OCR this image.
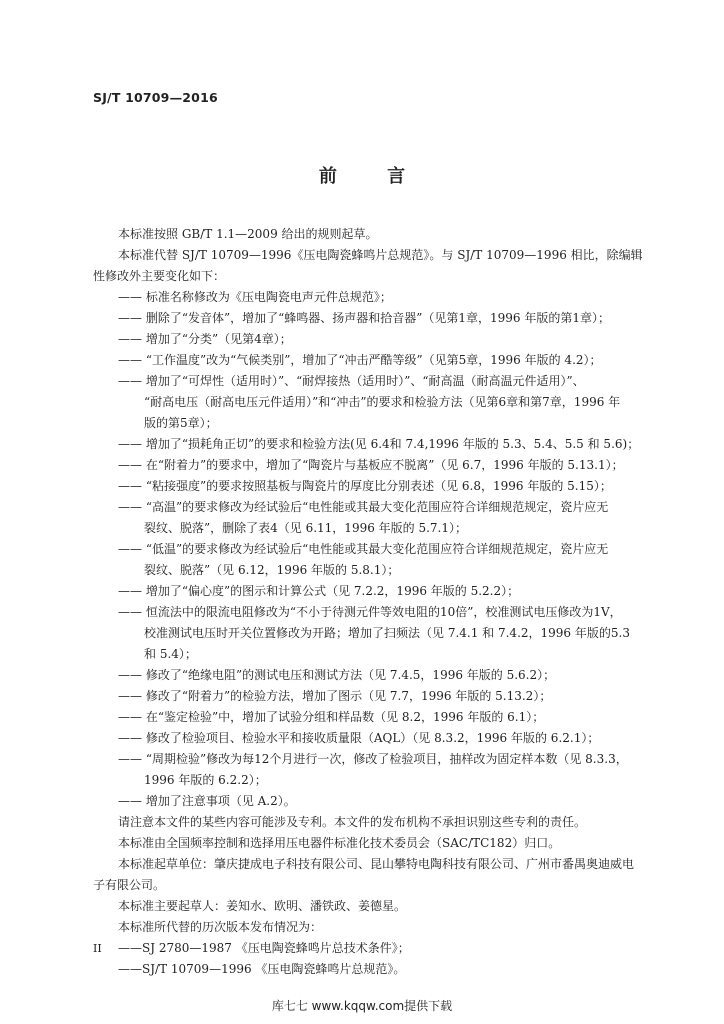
SJ/T 10709—2016
前 言
本标准按照 GB/T 1.1—2009 给出的规则起草。
本标准代替 SJ/T 10709—1996《压电陶瓷蜂鸣片总规范》。与 SJ/T 10709—1996 相比，除编辑
性修改外主要变化如下：
—— 标准名称修改为《压电陶瓷电声元件总规范》；
—— 删除了“发音体”，增加了“蜂鸣器、扬声器和拾音器”（见第1章，1996 年版的第1章）；
—— 增加了“分类”（见第4章）；
—— “工作温度”改为“气候类别”，增加了“冲击严酷等级”（见第5章，1996 年版的 4.2）；
—— 增加了“可焊性（适用时）”、“耐焊接热（适用时）”、“耐高温（耐高温元件适用）”、
“耐高电压（耐高电压元件适用）”和“冲击”的要求和检验方法（见第6章和第7章，1996 年
版的第5章）；
—— 增加了“损耗角正切”的要求和检验方法(见 6.4和 7.4,1996 年版的 5.3、5.4、5.5 和 5.6)；
—— 在“附着力”的要求中，增加了“陶瓷片与基板应不脱离”（见 6.7，1996 年版的 5.13.1）；
—— “粘接强度”的要求按照基板与陶瓷片的厚度比分别表述（见 6.8，1996 年版的 5.15）；
—— “高温”的要求修改为经试验后“电性能或其最大变化范围应符合详细规范规定，瓷片应无
裂纹、脱落”，删除了表4（见 6.11，1996 年版的 5.7.1）；
—— “低温”的要求修改为经试验后“电性能或其最大变化范围应符合详细规范规定，瓷片应无
裂纹、脱落”（见 6.12，1996 年版的 5.8.1）；
—— 增加了“偏心度”的图示和计算公式（见 7.2.2，1996 年版的 5.2.2）；
—— 恒流法中的限流电阻修改为“不小于待测元件等效电阻的10倍”，校准测试电压修改为1V，
校准测试电压时开关位置修改为开路；增加了扫频法（见 7.4.1 和 7.4.2，1996 年版的5.3
和 5.4）；
—— 修改了“绝缘电阻”的测试电压和测试方法（见 7.4.5，1996 年版的 5.6.2）；
—— 修改了“附着力”的检验方法，增加了图示（见 7.7，1996 年版的 5.13.2）；
—— 在“鉴定检验”中，增加了试验分组和样品数（见 8.2，1996 年版的 6.1）；
—— 修改了检验项目、检验水平和接收质量限（AQL）（见 8.3.2，1996 年版的 6.2.1）；
—— “周期检验”修改为每12个月进行一次，修改了检验项目，抽样改为固定样本数（见 8.3.3，
1996 年版的 6.2.2）；
—— 增加了注意事项（见 A.2）。
请注意本文件的某些内容可能涉及专利。本文件的发布机构不承担识别这些专利的责任。
本标准由全国频率控制和选择用压电器件标准化技术委员会（SAC/TC182）归口。
本标准起草单位：肇庆捷成电子科技有限公司、昆山攀特电陶科技有限公司、广州市番禺奥迪威电
子有限公司。
本标准主要起草人：姜知水、欧明、潘铁政、姜德星。
本标准所代替的历次版本发布情况为：
——SJ 2780—1987 《压电陶瓷蜂鸣片总技术条件》；
——SJ/T 10709—1996 《压电陶瓷蜂鸣片总规范》。
II
库七七 www.kqqw.com提供下载
